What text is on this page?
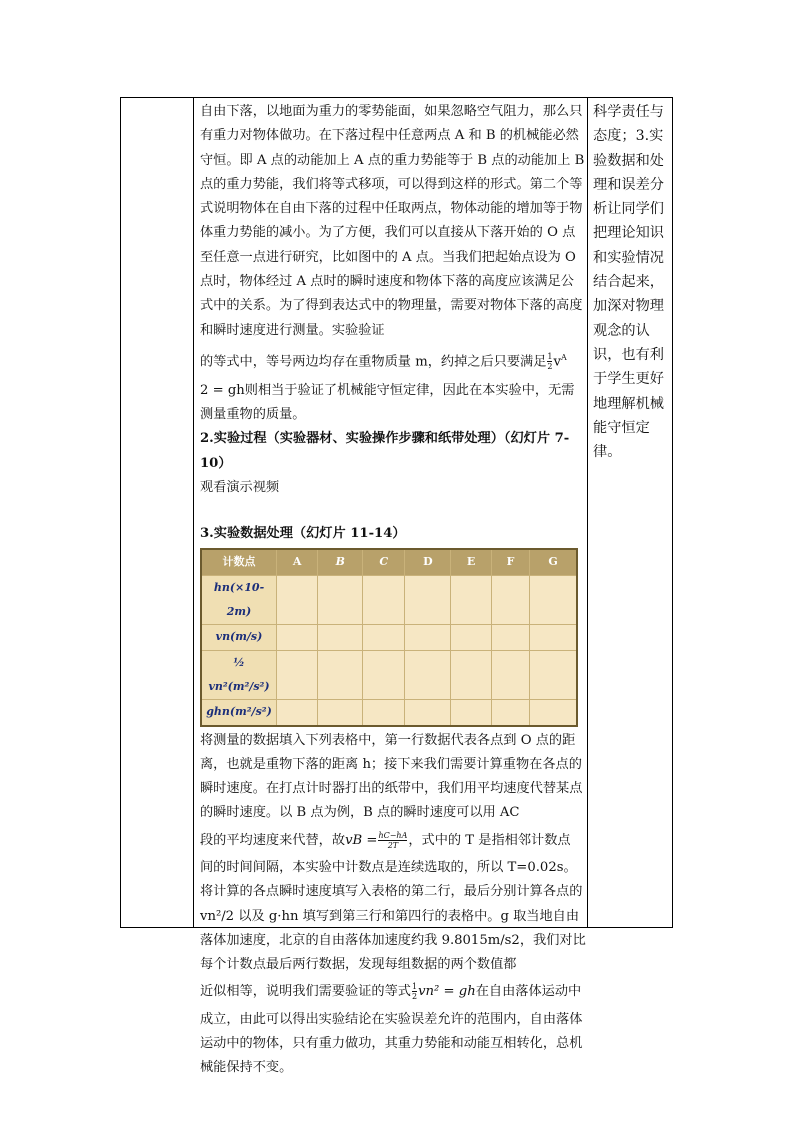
自由下落，以地面为重力的零势能面，如果忽略空气阻力，那么只有重力对物体做功。在下落过程中任意两点 A 和 B 的机械能必然守恒。即 A 点的动能加上 A 点的重力势能等于 B 点的动能加上 B 点的重力势能，我们将等式移项，可以得到这样的形式。第二个等式说明物体在自由下落的过程中任取两点，物体动能的增加等于物体重力势能的减小。为了方便，我们可以直接从下落开始的 O 点至任意一点进行研究，比如图中的 A 点。当我们把起始点设为 O 点时，物体经过 A 点时的瞬时速度和物体下落的高度应该满足公式中的关系。为了得到表达式中的物理量，需要对物体下落的高度和瞬时速度进行测量。实验验证

的等式中，等号两边均存在重物质量 m，约掉之后只要满足 $\frac{1}{2} v^A$

2 = gh则相当于验证了机械能守恒定律，因此在本实验中，无需测量重物的质量。

2.实验过程（实验器材、实验操作步骤和纸带处理）（幻灯片 7-10）

观看演示视频

3.实验数据处理（幻灯片 11-14）

计数点	A	B	C	D	E	F	G
hn(×10-2m)							
vn(m/s)							
½ vn²(m²/s²)							
ghn(m²/s²)							

将测量的数据填入下列表格中，第一行数据代表各点到 O 点的距离，也就是重物下落的距离 h；接下来我们需要计算重物在各点的瞬时速度。在打点计时器打出的纸带中，我们用平均速度代替某点的瞬时速度。以 B 点为例，B 点的瞬时速度可以用 AC

段的平均速度来代替，故vB = $\frac{hC-hA}{2T}$ ，式中的 T 是指相邻计数点

间的时间间隔，本实验中计数点是连续选取的，所以 T=0.02s。将计算的各点瞬时速度填写入表格的第二行，最后分别计算各点的 vn²/2 以及 g·hn 填写到第三行和第四行的表格中。g 取当地自由落体加速度，北京的自由落体加速度约我 9.8015m/s2，我们对比每个计数点最后两行数据，发现每组数据的两个数值都

近似相等，说明我们需要验证的等式 $\frac{1}{2} vn^2$ = gh在自由落体运动中

成立，由此可以得出实验结论在实验误差允许的范围内，自由落体运动中的物体，只有重力做功，其重力势能和动能互相转化，总机械能保持不变。

科学责任与态度；3.实验数据和处理和误差分析让同学们把理论知识和实验情况结合起来，加深对物理观念的认识，也有利于学生更好地理解机械能守恒定律。
